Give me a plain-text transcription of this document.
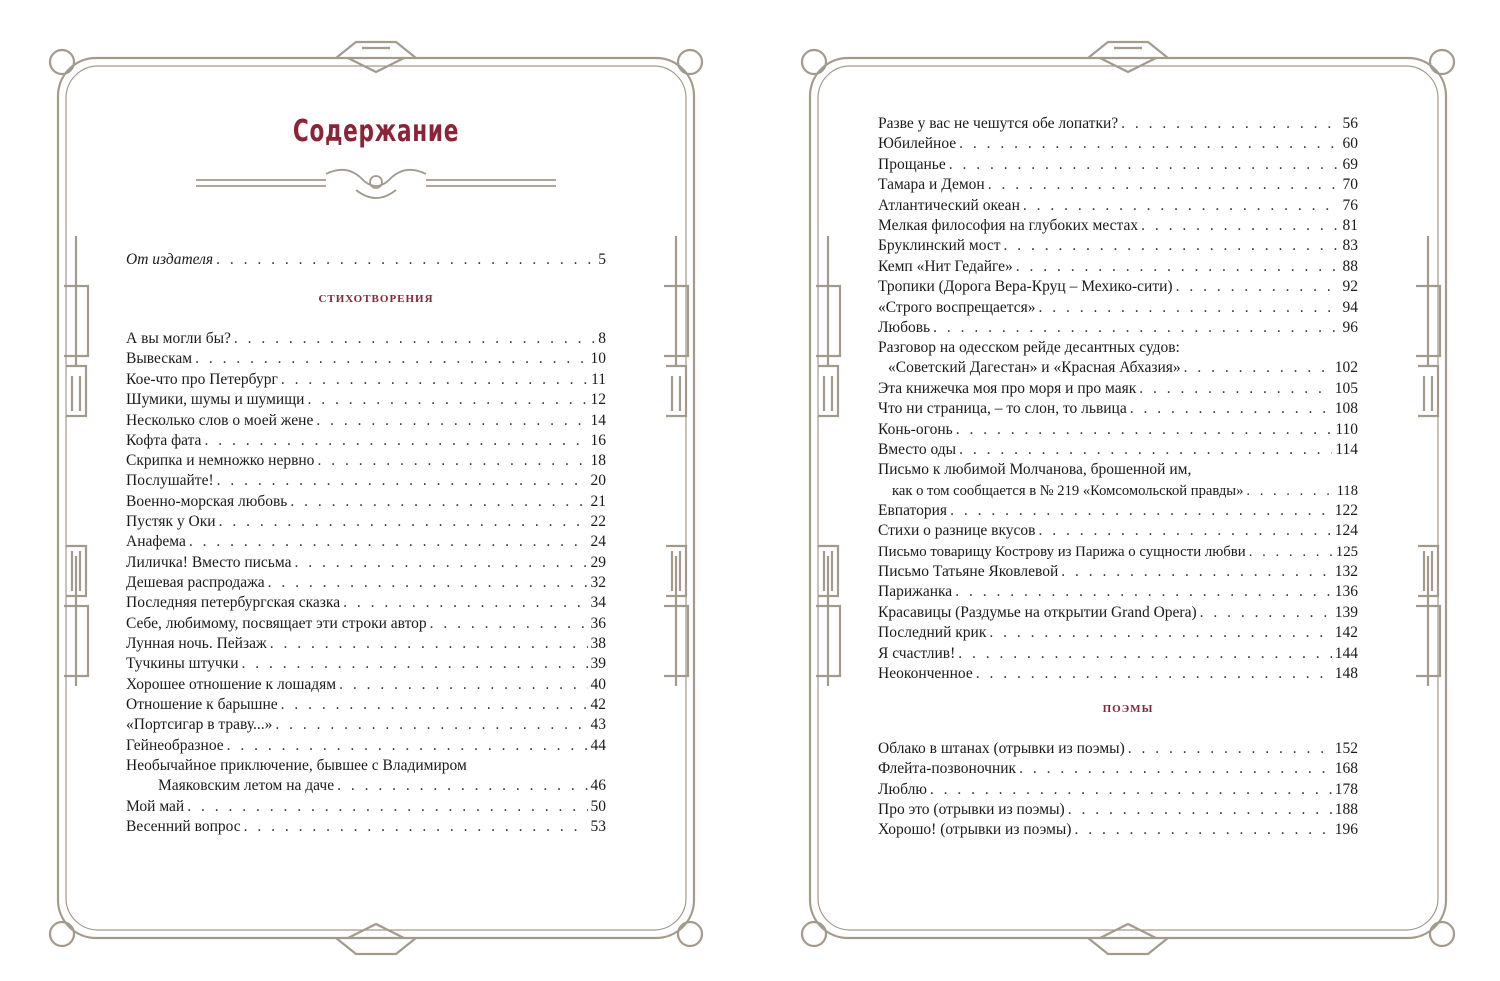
Содержание
От издателя . . .	5
стихотворения
А вы могли бы? . . .	8
Вывескам . . .	10
Кое-что про Петербург . . .	11
Шумики, шумы и шумищи . . .	12
Несколько слов о моей жене . . .	14
Кофта фата . . .	16
Скрипка и немножко нервно . . .	18
Послушайте! . . .	20
Военно-морская любовь . . .	21
Пустяк у Оки . . .	22
Анафема . . .	24
Лиличка! Вместо письма . . .	29
Дешевая распродажа . . .	32
Последняя петербургская сказка . . .	34
Себе, любимому, посвящает эти строки автор . . .	36
Лунная ночь. Пейзаж . . .	38
Тучкины штучки . . .	39
Хорошее отношение к лошадям . . .	40
Отношение к барышне . . .	42
«Портсигар в траву...» . . .	43
Гейнеобразное . . .	44
Необычайное приключение, бывшее с Владимиром
Маяковским летом на даче . . .	46
Мой май . . .	50
Весенний вопрос . . .	53
Разве у вас не чешутся обе лопатки? . . .	56
Юбилейное . . .	60
Прощанье . . .	69
Тамара и Демон . . .	70
Атлантический океан . . .	76
Мелкая философия на глубоких местах . . .	81
Бруклинский мост . . .	83
Кемп «Нит Гедайге» . . .	88
Тропики (Дорога Вера-Круц – Мехико-сити) . . .	92
«Строго воспрещается» . . .	94
Любовь . . .	96
Разговор на одесском рейде десантных судов:
«Советский Дагестан» и «Красная Абхазия» . . .	102
Эта книжечка моя про моря и про маяк . . .	105
Что ни страница, – то слон, то львица . . .	108
Конь-огонь . . .	110
Вместо оды . . .	114
Письмо к любимой Молчанова, брошенной им,
как о том сообщается в № 219 «Комсомольской правды» . . .	118
Евпатория . . .	122
Стихи о разнице вкусов . . .	124
Письмо товарищу Кострову из Парижа о сущности любви . . .	125
Письмо Татьяне Яковлевой . . .	132
Парижанка . . .	136
Красавицы (Раздумье на открытии Grand Opera) . . .	139
Последний крик . . .	142
Я счастлив! . . .	144
Неоконченное . . .	148
поэмы
Облако в штанах (отрывки из поэмы) . . .	152
Флейта-позвоночник . . .	168
Люблю . . .	178
Про это (отрывки из поэмы) . . .	188
Хорошо! (отрывки из поэмы) . . .	196
